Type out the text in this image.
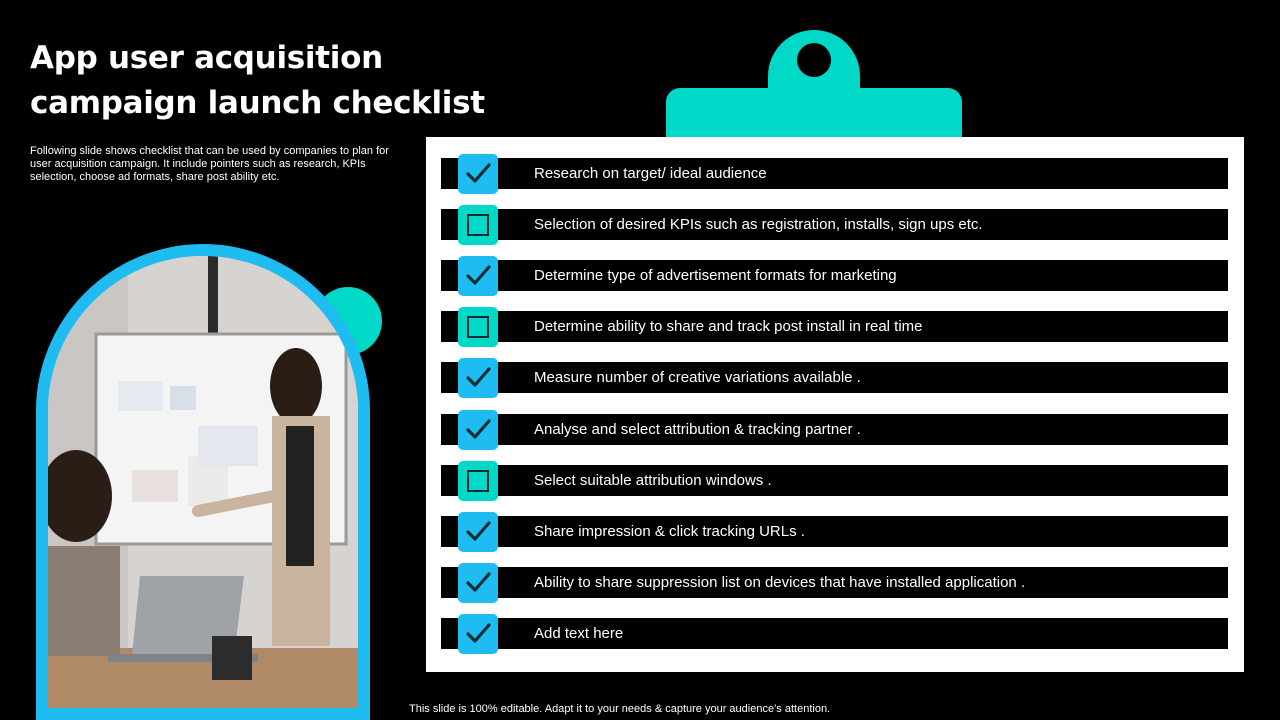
App user acquisition campaign launch checklist

Following slide shows checklist that can be used by companies to plan for user acquisition campaign. It include pointers such as research, KPIs selection, choose ad formats, share post ability etc.	Research on target/ ideal audience
Selection of desired KPIs such as registration, installs, sign ups etc.
Determine type of advertisement formats for marketing
Determine ability to share and track post install in real time
Measure number of creative variations available .
Analyse and select attribution & tracking partner .
Select suitable attribution windows .
Share impression & click tracking URLs .
Ability to share suppression list on devices that have installed application .
Add text here

This slide is 100% editable. Adapt it to your needs & capture your audience’s attention.
